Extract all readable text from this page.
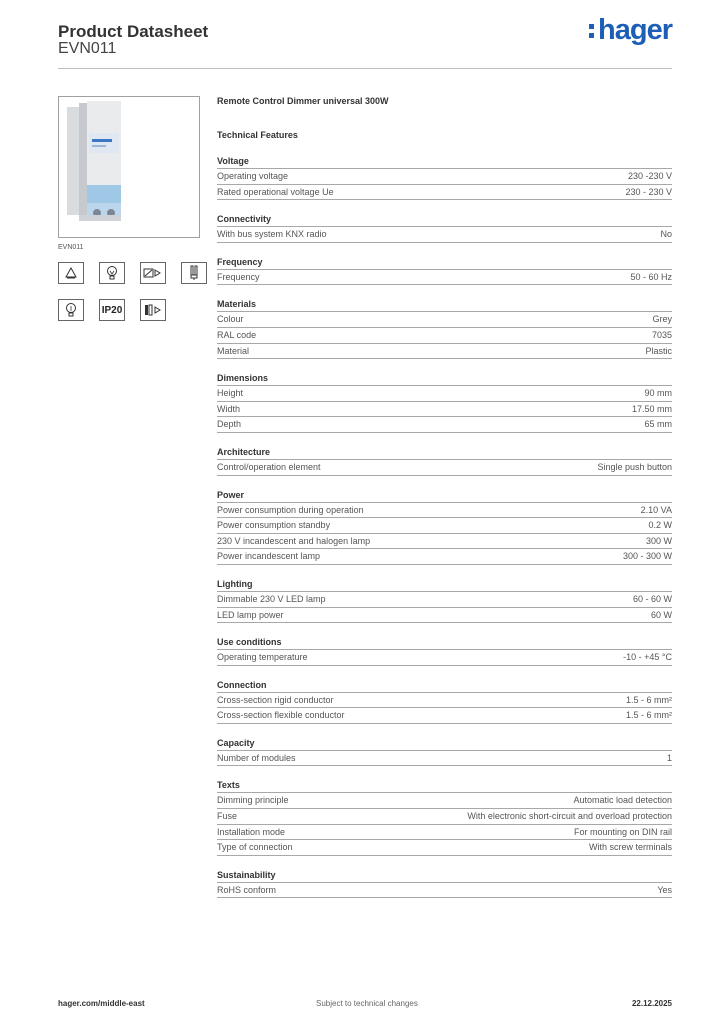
Product Datasheet
EVN011
hager
EVN011
IP20
Remote Control Dimmer universal 300W
Technical Features
Voltage
Operating voltage	230 -230 V
Rated operational voltage Ue	230 - 230 V
Connectivity
With bus system KNX radio	No
Frequency
Frequency	50 - 60 Hz
Materials
Colour	Grey
RAL code	7035
Material	Plastic
Dimensions
Height	90 mm
Width	17.50 mm
Depth	65 mm
Architecture
Control/operation element	Single push button
Power
Power consumption during operation	2.10 VA
Power consumption standby	0.2 W
230 V incandescent and halogen lamp	300 W
Power incandescent lamp	300 - 300 W
Lighting
Dimmable 230 V LED lamp	60 - 60 W
LED lamp power	60 W
Use conditions
Operating temperature	-10 - +45 °C
Connection
Cross-section rigid conductor	1.5 - 6 mm²
Cross-section flexible conductor	1.5 - 6 mm²
Capacity
Number of modules	1
Texts
Dimming principle	Automatic load detection
Fuse	With electronic short-circuit and overload protection
Installation mode	For mounting on DIN rail
Type of connection	With screw terminals
Sustainability
RoHS conform	Yes
hager.com/middle-east	Subject to technical changes	22.12.2025
